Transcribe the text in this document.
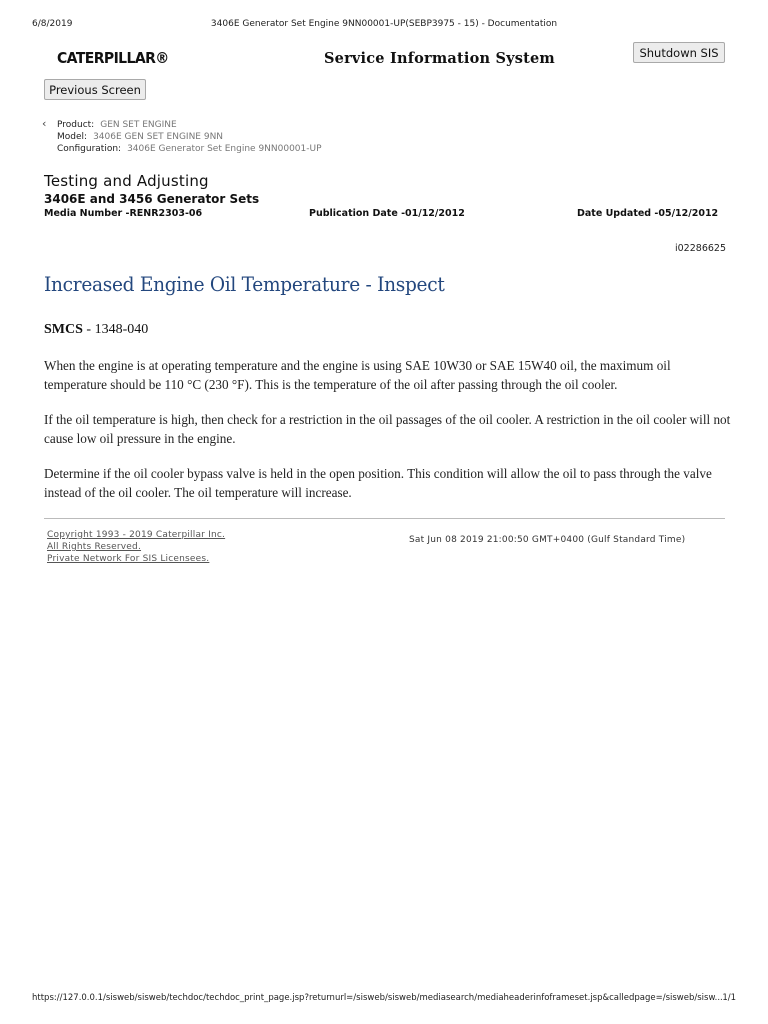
6/8/2019	3406E Generator Set Engine 9NN00001-UP(SEBP3975 - 15) - Documentation
CATERPILLAR®	Service Information System	Shutdown SIS
Previous Screen
‹ Product: GEN SET ENGINE
Model: 3406E GEN SET ENGINE 9NN
Configuration: 3406E Generator Set Engine 9NN00001-UP
Testing and Adjusting
3406E and 3456 Generator Sets
Media Number -RENR2303-06	Publication Date -01/12/2012	Date Updated -05/12/2012
i02286625
Increased Engine Oil Temperature - Inspect
SMCS - 1348-040

When the engine is at operating temperature and the engine is using SAE 10W30 or SAE 15W40 oil, the maximum oil temperature should be 110 °C (230 °F). This is the temperature of the oil after passing through the oil cooler.

If the oil temperature is high, then check for a restriction in the oil passages of the oil cooler. A restriction in the oil cooler will not cause low oil pressure in the engine.

Determine if the oil cooler bypass valve is held in the open position. This condition will allow the oil to pass through the valve instead of the oil cooler. The oil temperature will increase.

Copyright 1993 - 2019 Caterpillar Inc.
All Rights Reserved.
Private Network For SIS Licensees.
Sat Jun 08 2019 21:00:50 GMT+0400 (Gulf Standard Time)
https://127.0.0.1/sisweb/sisweb/techdoc/techdoc_print_page.jsp?returnurl=/sisweb/sisweb/mediasearch/mediaheaderinfoframeset.jsp&calledpage=/sisweb/sisw... 1/1
